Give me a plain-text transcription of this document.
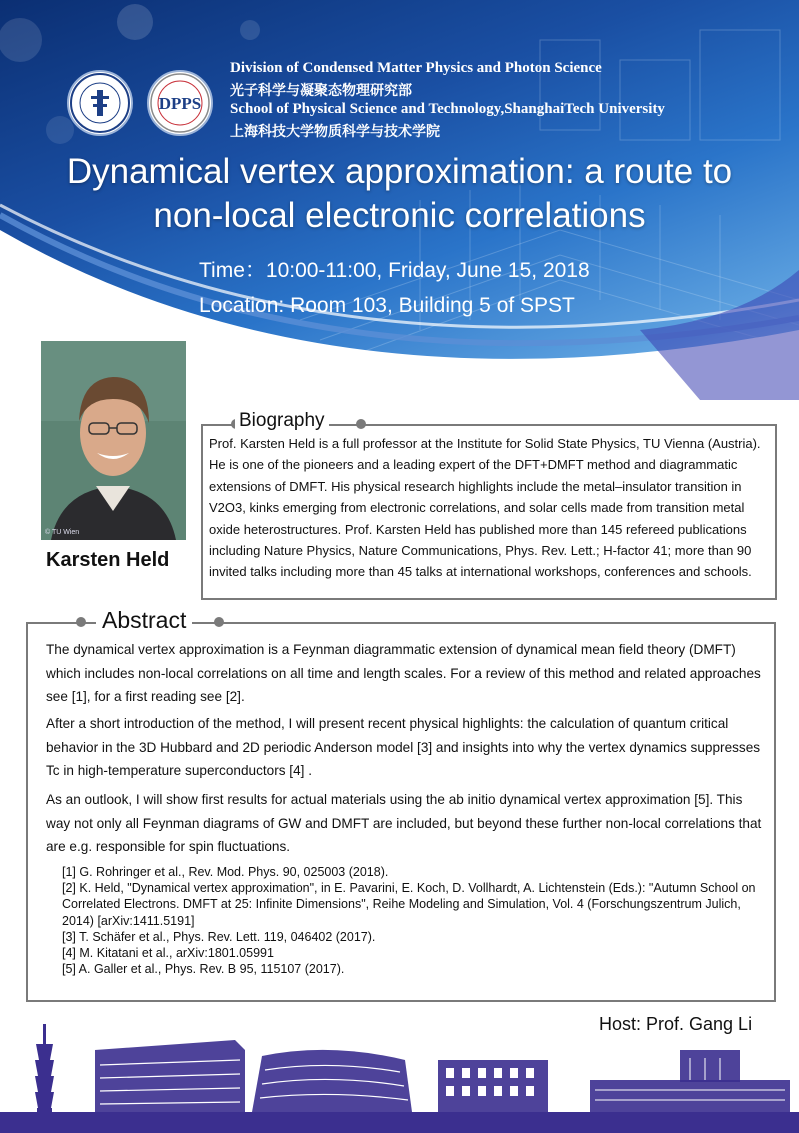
DPPS
Division of Condensed Matter Physics and Photon Science
光子科学与凝聚态物理研究部
School of Physical Science and Technology,ShanghaiTech University
上海科技大学物质科学与技术学院
Dynamical vertex approximation: a route to
non-local electronic correlations
Time：10:00-11:00, Friday, June 15, 2018
Location: Room 103, Building 5 of SPST
© TU Wien
Karsten Held
Biography
Prof. Karsten Held is a full professor at the Institute for Solid State Physics, TU Vienna (Austria). He is one of the pioneers and a leading expert of the DFT+DMFT method and diagrammatic extensions of DMFT. His physical research highlights include the metal–insulator transition in V2O3, kinks emerging from electronic correlations, and solar cells made from transition metal oxide heterostructures. Prof. Karsten Held has published more than 145 refereed publications including Nature Physics, Nature Communications, Phys. Rev. Lett.; H-factor 41; more than 90 invited talks including more than 45 talks at international workshops, conferences and schools.
Abstract
The dynamical vertex approximation is a Feynman diagrammatic extension of dynamical mean field theory (DMFT) which includes non-local correlations on all time and length scales. For a review of this method and related approaches see [1], for a first reading see [2].
After a short introduction of the method, I will present recent physical highlights: the calculation of quantum critical behavior in the 3D Hubbard and 2D periodic Anderson model [3] and insights into why the vertex dynamics suppresses Tc in high-temperature superconductors [4] .
As an outlook, I will show first results for actual materials using the ab initio dynamical vertex approximation [5]. This way not only all Feynman diagrams of GW and DMFT are included, but beyond these further non-local correlations that are e.g. responsible for spin fluctuations.
[1] G. Rohringer et al., Rev. Mod. Phys. 90, 025003 (2018).
[2] K. Held, "Dynamical vertex approximation", in E. Pavarini, E. Koch, D. Vollhardt, A. Lichtenstein (Eds.): "Autumn School on Correlated Electrons. DMFT at 25: Infinite Dimensions", Reihe Modeling and Simulation, Vol. 4 (Forschungszentrum Julich, 2014) [arXiv:1411.5191]
[3] T. Schäfer et al., Phys. Rev. Lett. 119, 046402 (2017).
[4] M. Kitatani et al., arXiv:1801.05991
[5] A. Galler et al., Phys. Rev. B 95, 115107 (2017).
Host: Prof. Gang Li
